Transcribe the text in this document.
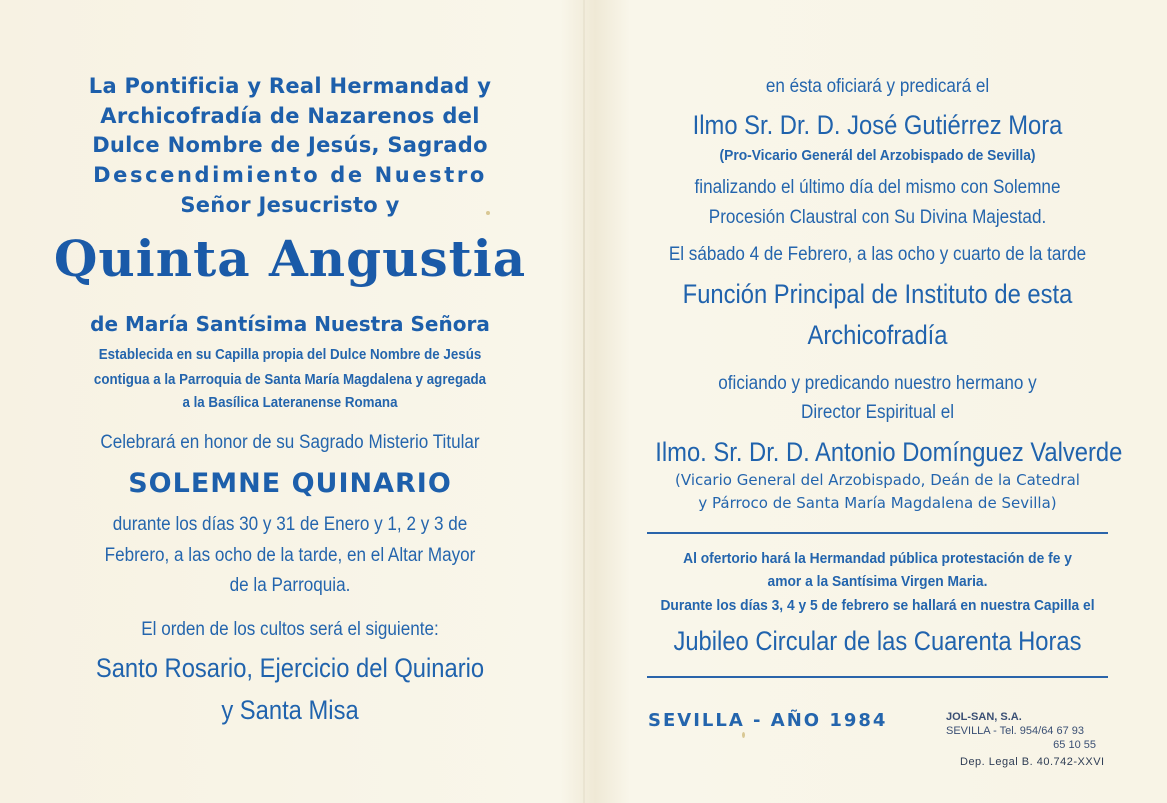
La Pontificia y Real Hermandad y
Archicofradía de Nazarenos del
Dulce Nombre de Jesús, Sagrado
Descendimiento de Nuestro
Señor Jesucristo y
Quinta Angustia
de María Santísima Nuestra Señora
Establecida en su Capilla propia del Dulce Nombre de Jesús
contigua a la Parroquia de Santa María Magdalena y agregada
a la Basílica Lateranense Romana
Celebrará en honor de su Sagrado Misterio Titular
SOLEMNE QUINARIO
durante los días 30 y 31 de Enero y 1, 2 y 3 de
Febrero, a las ocho de la tarde, en el Altar Mayor
de la Parroquia.
El orden de los cultos será el siguiente:
Santo Rosario, Ejercicio del Quinario
y Santa Misa
en ésta oficiará y predicará el
Ilmo Sr. Dr. D. José Gutiérrez Mora
(Pro-Vicario Generál del Arzobispado de Sevilla)
finalizando el último día del mismo con Solemne
Procesión Claustral con Su Divina Majestad.
El sábado 4 de Febrero, a las ocho y cuarto de la tarde
Función Principal de Instituto de esta
Archicofradía
oficiando y predicando nuestro hermano y
Director Espiritual el
Ilmo. Sr. Dr. D. Antonio Domínguez Valverde
(Vicario General del Arzobispado, Deán de la Catedral
y Párroco de Santa María Magdalena de Sevilla)
Al ofertorio hará la Hermandad pública protestación de fe y
amor a la Santísima Virgen Maria.
Durante los días 3, 4 y 5 de febrero se hallará en nuestra Capilla el
Jubileo Circular de las Cuarenta Horas
SEVILLA - AÑO 1984	JOL-SAN, S.A.
SEVILLA - Tel. 954/64 67 93
65 10 55
Dep. Legal B. 40.742-XXVI
